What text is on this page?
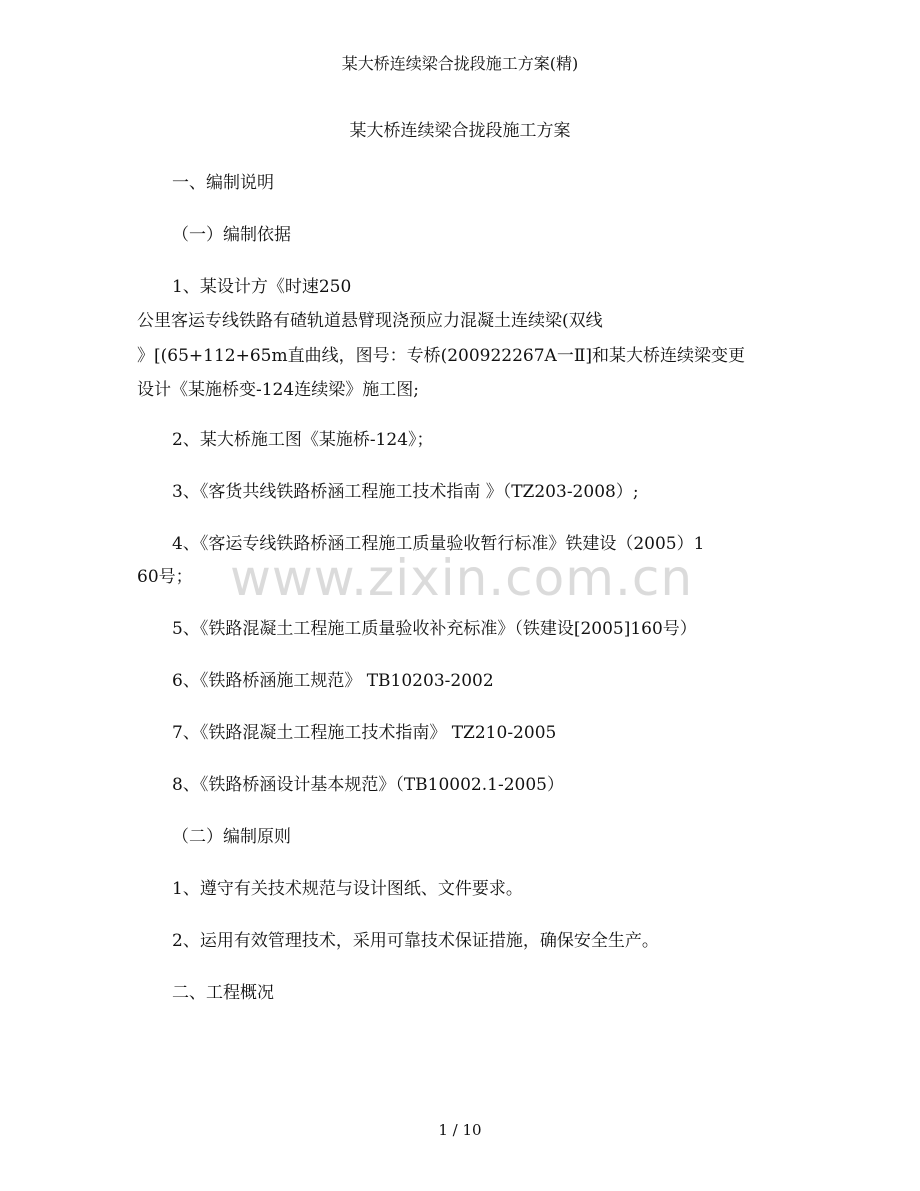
某大桥连续梁合拢段施工方案(精)
某大桥连续梁合拢段施工方案
一、编制说明
（一）编制依据
1、某设计方《时速250
公里客运专线铁路有碴轨道悬臂现浇预应力混凝土连续梁(双线
》[(65+112+65m直曲线，图号：专桥(200922267A一Ⅱ]和某大桥连续梁变更
设计《某施桥变-124连续梁》施工图;
2、某大桥施工图《某施桥-124》；
3、《客货共线铁路桥涵工程施工技术指南 》（TZ203-2008）;
4、《客运专线铁路桥涵工程施工质量验收暂行标准》铁建设（2005）1
60号；
5、《铁路混凝土工程施工质量验收补充标准》（铁建设[2005]160号）
6、《铁路桥涵施工规范》 TB10203-2002
7、《铁路混凝土工程施工技术指南》 TZ210-2005
8、《铁路桥涵设计基本规范》（TB10002.1-2005）
（二）编制原则
1、遵守有关技术规范与设计图纸、文件要求。
2、运用有效管理技术，采用可靠技术保证措施，确保安全生产。
二、工程概况
www.zixin.com.cn
1 / 10
